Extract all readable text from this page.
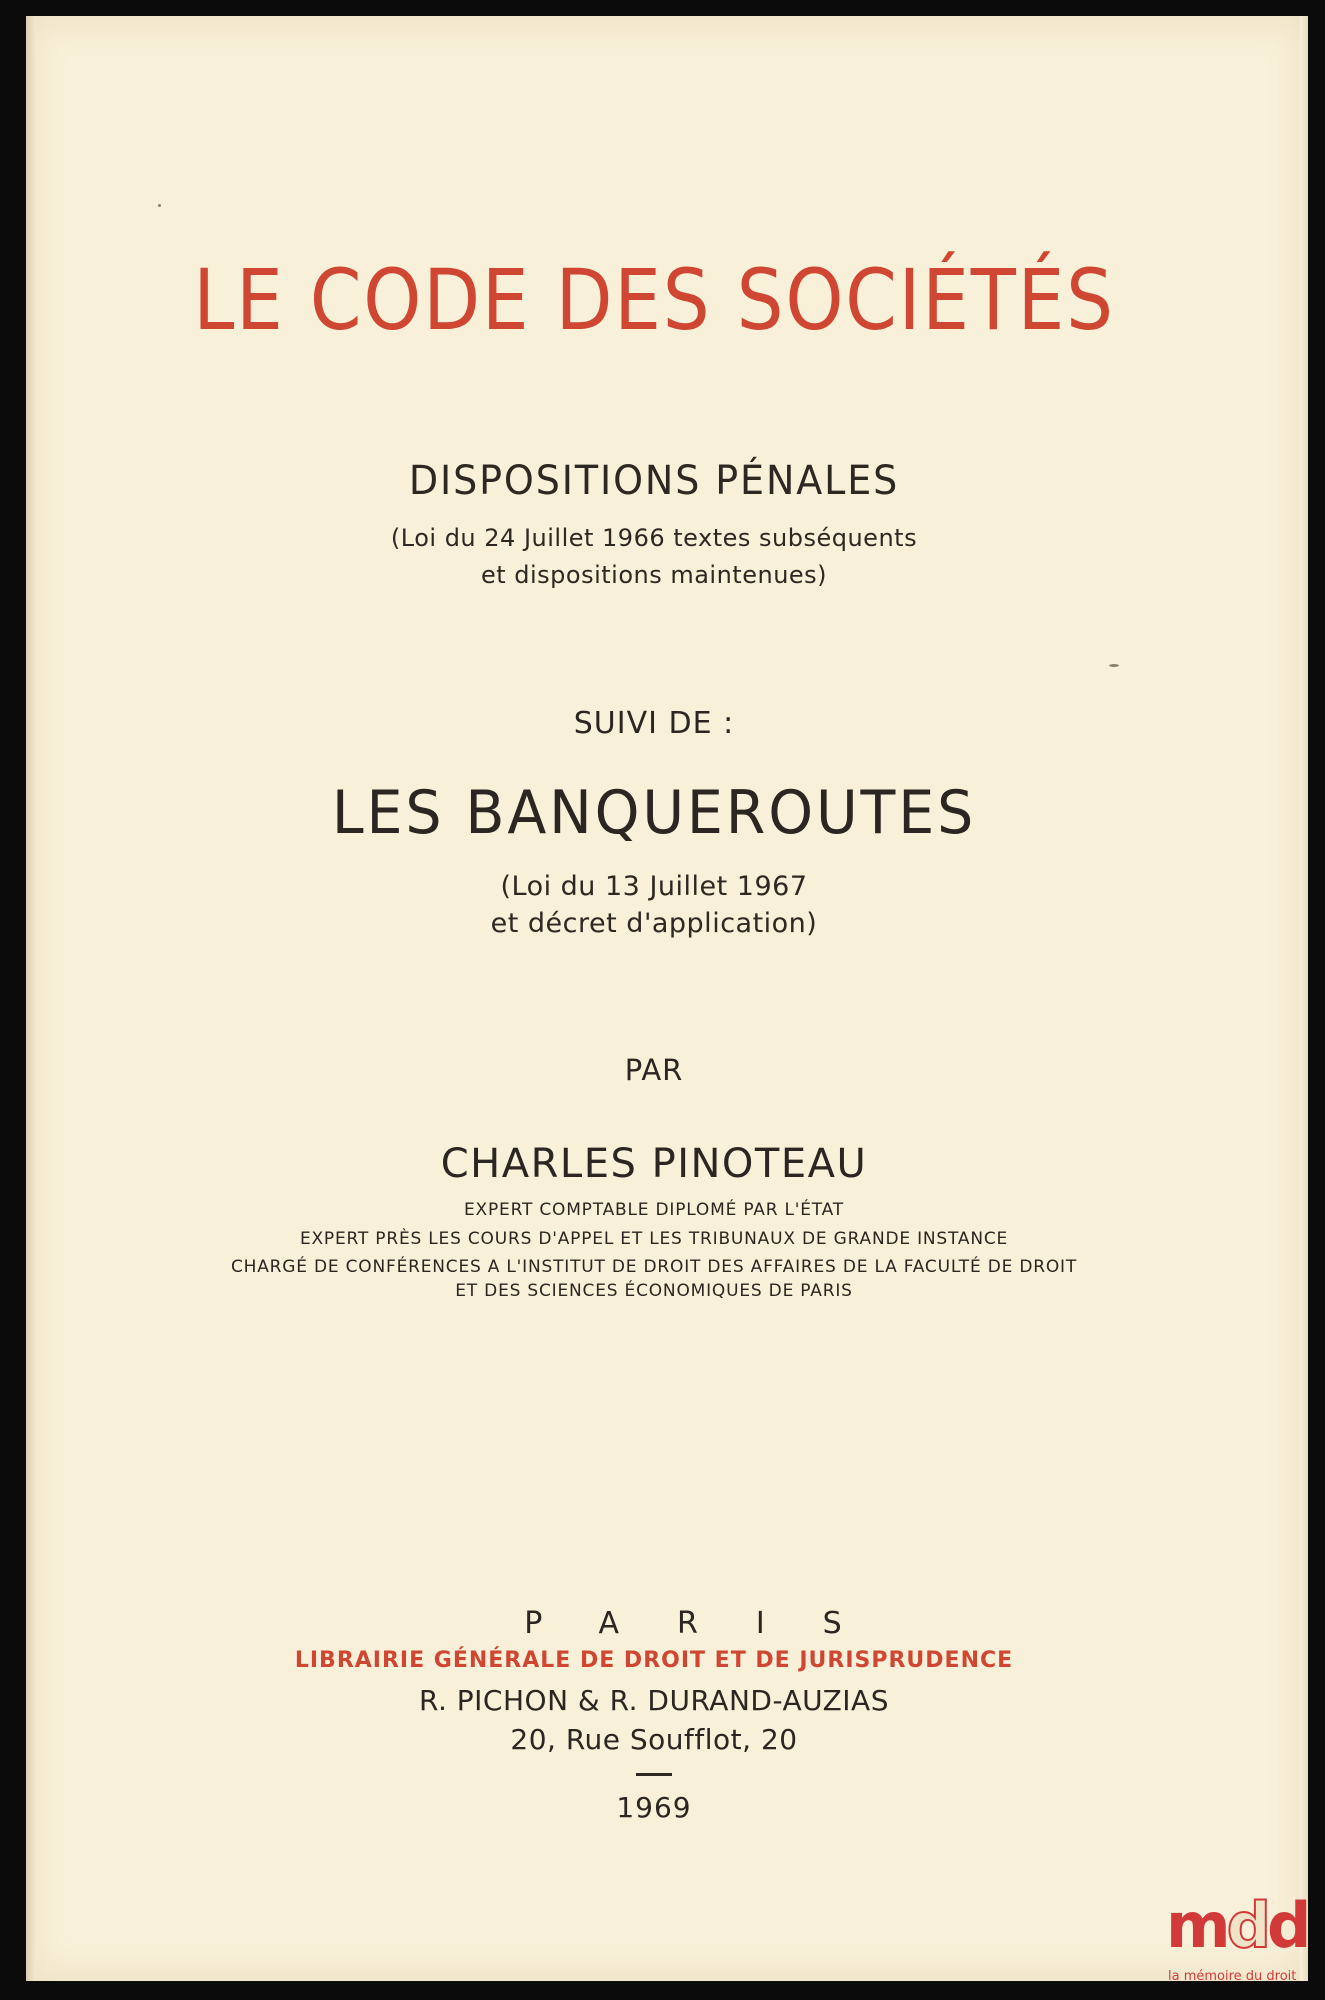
LE CODE DES SOCIÉTÉS
DISPOSITIONS PÉNALES
(Loi du 24 Juillet 1966 textes subséquents
et dispositions maintenues)
SUIVI DE :
LES BANQUEROUTES
(Loi du 13 Juillet 1967
et décret d'application)
PAR
CHARLES PINOTEAU
EXPERT COMPTABLE DIPLOMÉ PAR L'ÉTAT
EXPERT PRÈS LES COURS D'APPEL ET LES TRIBUNAUX DE GRANDE INSTANCE
CHARGÉ DE CONFÉRENCES A L'INSTITUT DE DROIT DES AFFAIRES DE LA FACULTÉ DE DROIT
ET DES SCIENCES ÉCONOMIQUES DE PARIS
PARIS
LIBRAIRIE GÉNÉRALE DE DROIT ET DE JURISPRUDENCE
R. PICHON & R. DURAND-AUZIAS
20, Rue Soufflot, 20
1969
mdd
la mémoire du droit
